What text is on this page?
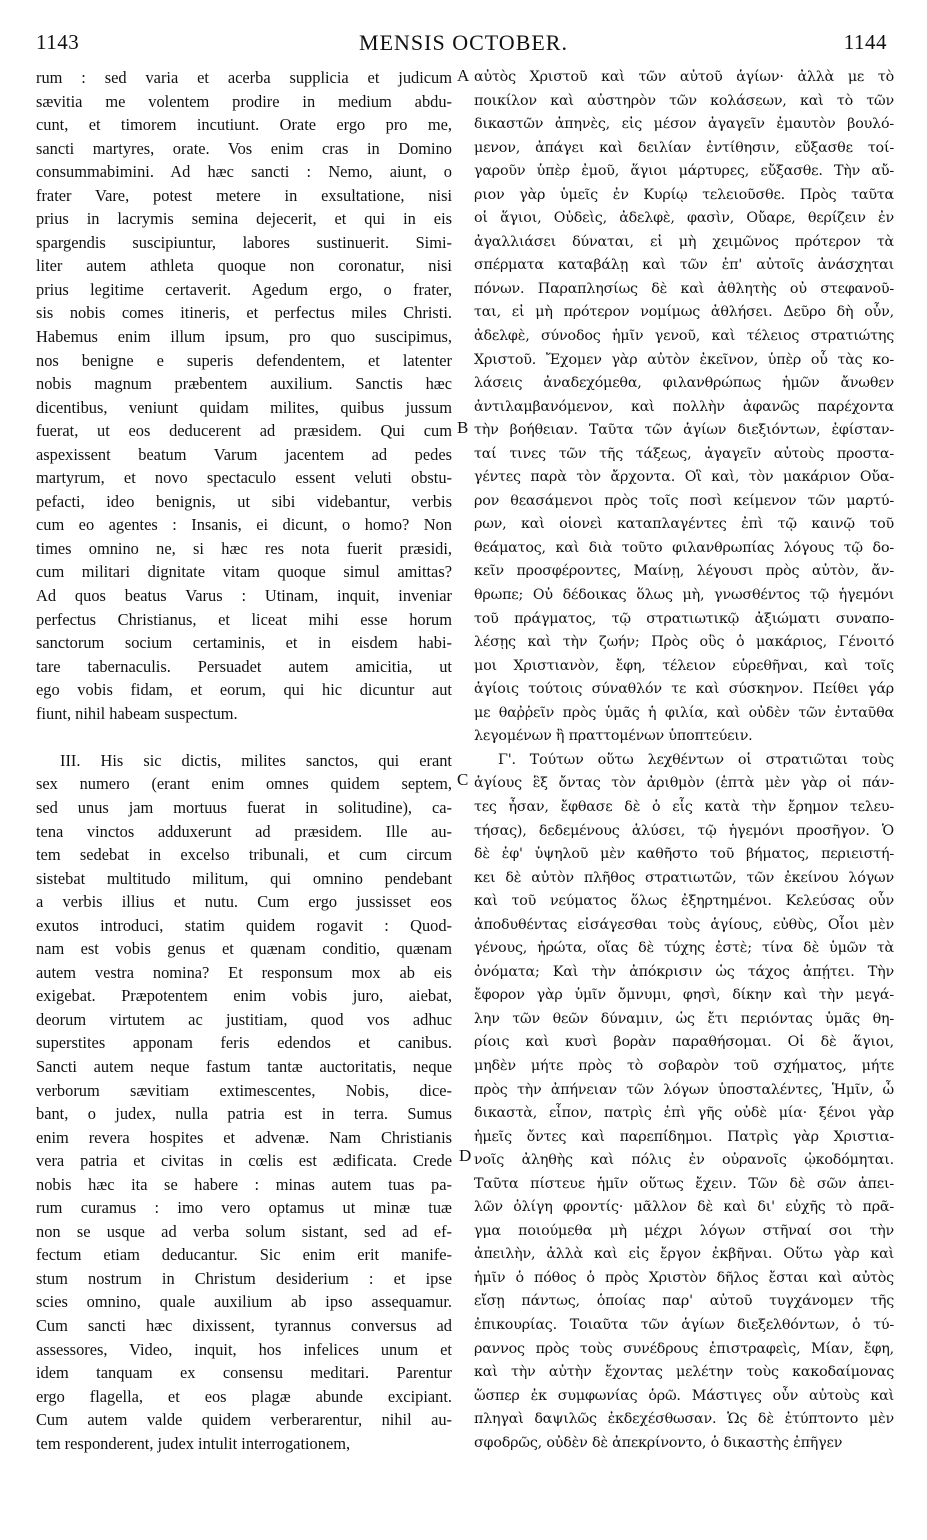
1143	MENSIS OCTOBER.	1144
rum : sed varia et acerba supplicia et judicum
sævitia me volentem prodire in medium abdu-
cunt, et timorem incutiunt. Orate ergo pro me,
sancti martyres, orate. Vos enim cras in Domino
consummabimini. Ad hæc sancti : Nemo, aiunt, o
frater Vare, potest metere in exsultatione, nisi
prius in lacrymis semina dejecerit, et qui in eis
spargendis suscipiuntur, labores sustinuerit. Simi-
liter autem athleta quoque non coronatur, nisi
prius legitime certaverit. Agedum ergo, o frater,
sis nobis comes itineris, et perfectus miles Christi.
Habemus enim illum ipsum, pro quo suscipimus,
nos benigne e superis defendentem, et latenter
nobis magnum præbentem auxilium. Sanctis hæc
dicentibus, veniunt quidam milites, quibus jussum
fuerat, ut eos deducerent ad præsidem. Qui cum
aspexissent beatum Varum jacentem ad pedes
martyrum, et novo spectaculo essent veluti obstu-
pefacti, ideo benignis, ut sibi videbantur, verbis
cum eo agentes : Insanis, ei dicunt, o homo? Non
times omnino ne, si hæc res nota fuerit præsidi,
cum militari dignitate vitam quoque simul amittas?
Ad quos beatus Varus : Utinam, inquit, inveniar
perfectus Christianus, et liceat mihi esse horum
sanctorum socium certaminis, et in eisdem habi-
tare tabernaculis. Persuadet autem amicitia, ut
ego vobis fidam, et eorum, qui hic dicuntur aut
fiunt, nihil habeam suspectum.
III. His sic dictis, milites sanctos, qui erant
sex numero (erant enim omnes quidem septem,
sed unus jam mortuus fuerat in solitudine), ca-
tena vinctos adduxerunt ad præsidem. Ille au-
tem sedebat in excelso tribunali, et cum circum
sistebat multitudo militum, qui omnino pendebant
a verbis illius et nutu. Cum ergo jussisset eos
exutos introduci, statim quidem rogavit : Quod-
nam est vobis genus et quænam conditio, quænam
autem vestra nomina? Et responsum mox ab eis
exigebat. Præpotentem enim vobis juro, aiebat,
deorum virtutem ac justitiam, quod vos adhuc
superstites apponam feris edendos et canibus.
Sancti autem neque fastum tantæ auctoritatis, neque
verborum sævitiam extimescentes, Nobis, dice-
bant, o judex, nulla patria est in terra. Sumus
enim revera hospites et advenæ. Nam Christianis
vera patria et civitas in cœlis est ædificata. Crede
nobis hæc ita se habere : minas autem tuas pa-
rum curamus : imo vero optamus ut minæ tuæ
non se usque ad verba solum sistant, sed ad ef-
fectum etiam deducantur. Sic enim erit manife-
stum nostrum in Christum desiderium : et ipse
scies omnino, quale auxilium ab ipso assequamur.
Cum sancti hæc dixissent, tyrannus conversus ad
assessores, Video, inquit, hos infelices unum et
idem tanquam ex consensu meditari. Parentur
ergo flagella, et eos plagæ abunde excipiant.
Cum autem valde quidem verberarentur, nihil au-
tem responderent, judex intulit interrogationem,
αὐτὸς Χριστοῦ καὶ τῶν αὐτοῦ ἁγίων· ἀλλὰ με τὸ
ποικίλον καὶ αὐστηρὸν τῶν κολάσεων, καὶ τὸ τῶν
δικαστῶν ἀπηνὲς, εἰς μέσον ἀγαγεῖν ἐμαυτὸν βουλό-
μενον, ἀπάγει καὶ δειλίαν ἐντίθησιν, εὔξασθε τοί-
γαροῦν ὑπὲρ ἐμοῦ, ἅγιοι μάρτυρες, εὔξασθε. Τὴν αὔ-
ριον γὰρ ὑμεῖς ἐν Κυρίῳ τελειοῦσθε. Πρὸς ταῦτα
οἱ ἅγιοι, Οὐδεὶς, ἀδελφὲ, φασὶν, Οὔαρε, θερίζειν ἐν
ἀγαλλιάσει δύναται, εἰ μὴ χειμῶνος πρότερον τὰ
σπέρματα καταβάλῃ καὶ τῶν ἐπ' αὐτοῖς ἀνάσχηται
πόνων. Παραπλησίως δὲ καὶ ἀθλητὴς οὐ στεφανοῦ-
ται, εἰ μὴ πρότερον νομίμως ἀθλήσει. Δεῦρο δὴ οὖν,
ἀδελφὲ, σύνοδος ἡμῖν γενοῦ, καὶ τέλειος στρατιώτης
Χριστοῦ. Ἔχομεν γὰρ αὐτὸν ἐκεῖνον, ὑπὲρ οὗ τὰς κο-
λάσεις ἀναδεχόμεθα, φιλανθρώπως ἡμῶν ἄνωθεν
ἀντιλαμβανόμενον, καὶ πολλὴν ἀφανῶς παρέχοντα
τὴν βοήθειαν. Ταῦτα τῶν ἁγίων διεξιόντων, ἐφίσταν-
ταί τινες τῶν τῆς τάξεως, ἀγαγεῖν αὐτοὺς προστα-
γέντες παρὰ τὸν ἄρχοντα. Οἳ καὶ, τὸν μακάριον Οὔα-
ρον θεασάμενοι πρὸς τοῖς ποσὶ κείμενον τῶν μαρτύ-
ρων, καὶ οἱονεὶ καταπλαγέντες ἐπὶ τῷ καινῷ τοῦ
θεάματος, καὶ διὰ τοῦτο φιλανθρωπίας λόγους τῷ δο-
κεῖν προσφέροντες, Μαίνῃ, λέγουσι πρὸς αὐτὸν, ἄν-
θρωπε; Οὐ δέδοικας ὅλως μὴ, γνωσθέντος τῷ ἡγεμόνι
τοῦ πράγματος, τῷ στρατιωτικῷ ἀξιώματι συναπο-
λέσῃς καὶ τὴν ζωήν; Πρὸς οὓς ὁ μακάριος, Γένοιτό
μοι Χριστιανὸν, ἔφη, τέλειον εὑρεθῆναι, καὶ τοῖς
ἁγίοις τούτοις σύναθλόν τε καὶ σύσκηνον. Πείθει γάρ
με θαῤῥεῖν πρὸς ὑμᾶς ἡ φιλία, καὶ οὐδὲν τῶν ἐνταῦθα
λεγομένων ἢ πραττομένων ὑποπτεύειν.
Γ'. Τούτων οὕτω λεχθέντων οἱ στρατιῶται τοὺς
ἁγίους ἓξ ὄντας τὸν ἀριθμὸν (ἑπτὰ μὲν γὰρ οἱ πάν-
τες ἦσαν, ἔφθασε δὲ ὁ εἷς κατὰ τὴν ἔρημον τελευ-
τήσας), δεδεμένους ἁλύσει, τῷ ἡγεμόνι προσῆγον. Ὁ
δὲ ἐφ' ὑψηλοῦ μὲν καθῆστο τοῦ βήματος, περιειστή-
κει δὲ αὐτὸν πλῆθος στρατιωτῶν, τῶν ἐκείνου λόγων
καὶ τοῦ νεύματος ὅλως ἐξηρτημένοι. Κελεύσας οὖν
ἀποδυθέντας εἰσάγεσθαι τοὺς ἁγίους, εὐθὺς, Οἷοι μὲν
γένους, ἠρώτα, οἵας δὲ τύχης ἐστὲ; τίνα δὲ ὑμῶν τὰ
ὀνόματα; Καὶ τὴν ἀπόκρισιν ὡς τάχος ἀπῄτει. Τὴν
ἔφορον γὰρ ὑμῖν ὄμνυμι, φησὶ, δίκην καὶ τὴν μεγά-
λην τῶν θεῶν δύναμιν, ὡς ἔτι περιόντας ὑμᾶς θη-
ρίοις καὶ κυσὶ βορὰν παραθήσομαι. Οἱ δὲ ἅγιοι,
μηδὲν μήτε πρὸς τὸ σοβαρὸν τοῦ σχήματος, μήτε
πρὸς τὴν ἀπήνειαν τῶν λόγων ὑποσταλέντες, Ἡμῖν, ὦ
δικαστὰ, εἶπον, πατρὶς ἐπὶ γῆς οὐδὲ μία· ξένοι γὰρ
ἡμεῖς ὄντες καὶ παρεπίδημοι. Πατρὶς γὰρ Χριστια-
νοῖς ἀληθὴς καὶ πόλις ἐν οὐρανοῖς ᾠκοδόμηται.
Ταῦτα πίστευε ἡμῖν οὕτως ἔχειν. Τῶν δὲ σῶν ἀπει-
λῶν ὀλίγη φροντίς· μᾶλλον δὲ καὶ δι' εὐχῆς τὸ πρᾶ-
γμα ποιούμεθα μὴ μέχρι λόγων στῆναί σοι τὴν
ἀπειλὴν, ἀλλὰ καὶ εἰς ἔργον ἐκβῆναι. Οὕτω γὰρ καὶ
ἡμῖν ὁ πόθος ὁ πρὸς Χριστὸν δῆλος ἔσται καὶ αὐτὸς
εἴσῃ πάντως, ὁποίας παρ' αὐτοῦ τυγχάνομεν τῆς
ἐπικουρίας. Τοιαῦτα τῶν ἁγίων διεξελθόντων, ὁ τύ-
ραννος πρὸς τοὺς συνέδρους ἐπιστραφεὶς, Μίαν, ἔφη,
καὶ τὴν αὐτὴν ἔχοντας μελέτην τοὺς κακοδαίμονας
ὥσπερ ἐκ συμφωνίας ὁρῶ. Μάστιγες οὖν αὐτοὺς καὶ
πληγαὶ δαψιλῶς ἐκδεχέσθωσαν. Ὡς δὲ ἐτύπτοντο μὲν
σφοδρῶς, οὐδὲν δὲ ἀπεκρίνοντο, ὁ δικαστὴς ἐπῆγεν
A
B
C
D
